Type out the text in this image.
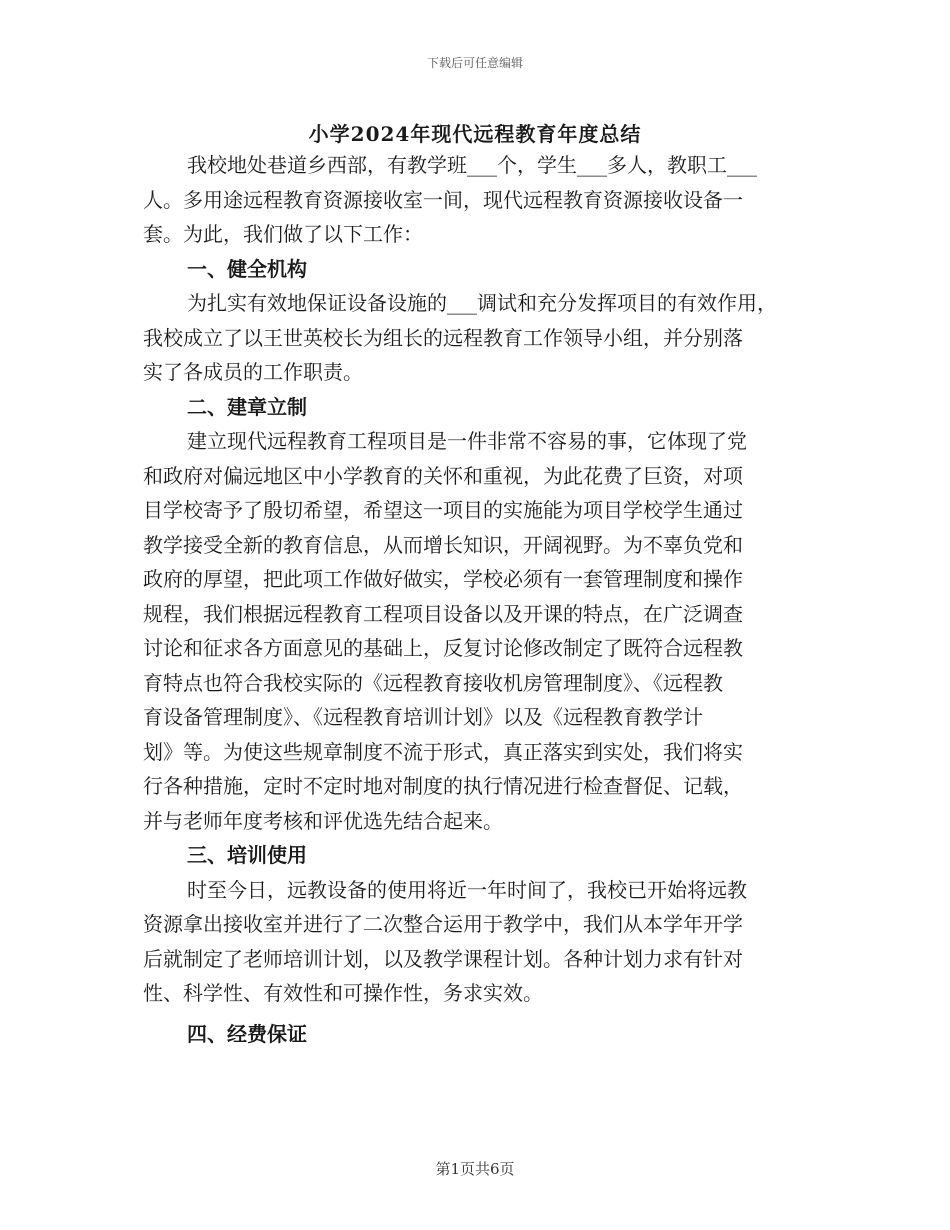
下载后可任意编辑
小学2024年现代远程教育年度总结
我校地处巷道乡西部，有教学班___个，学生___多人，教职工___
人。多用途远程教育资源接收室一间，现代远程教育资源接收设备一
套。为此，我们做了以下工作：
一、健全机构
为扎实有效地保证设备设施的___调试和充分发挥项目的有效作用，
我校成立了以王世英校长为组长的远程教育工作领导小组，并分别落
实了各成员的工作职责。
二、建章立制
建立现代远程教育工程项目是一件非常不容易的事，它体现了党
和政府对偏远地区中小学教育的关怀和重视，为此花费了巨资，对项
目学校寄予了殷切希望，希望这一项目的实施能为项目学校学生通过
教学接受全新的教育信息，从而增长知识，开阔视野。为不辜负党和
政府的厚望，把此项工作做好做实，学校必须有一套管理制度和操作
规程，我们根据远程教育工程项目设备以及开课的特点，在广泛调查
讨论和征求各方面意见的基础上，反复讨论修改制定了既符合远程教
育特点也符合我校实际的《远程教育接收机房管理制度》、《远程教
育设备管理制度》、《远程教育培训计划》以及《远程教育教学计
划》等。为使这些规章制度不流于形式，真正落实到实处，我们将实
行各种措施，定时不定时地对制度的执行情况进行检查督促、记载，
并与老师年度考核和评优选先结合起来。
三、培训使用
时至今日，远教设备的使用将近一年时间了，我校已开始将远教
资源拿出接收室并进行了二次整合运用于教学中，我们从本学年开学
后就制定了老师培训计划，以及教学课程计划。各种计划力求有针对
性、科学性、有效性和可操作性，务求实效。
四、经费保证
第1页共6页
